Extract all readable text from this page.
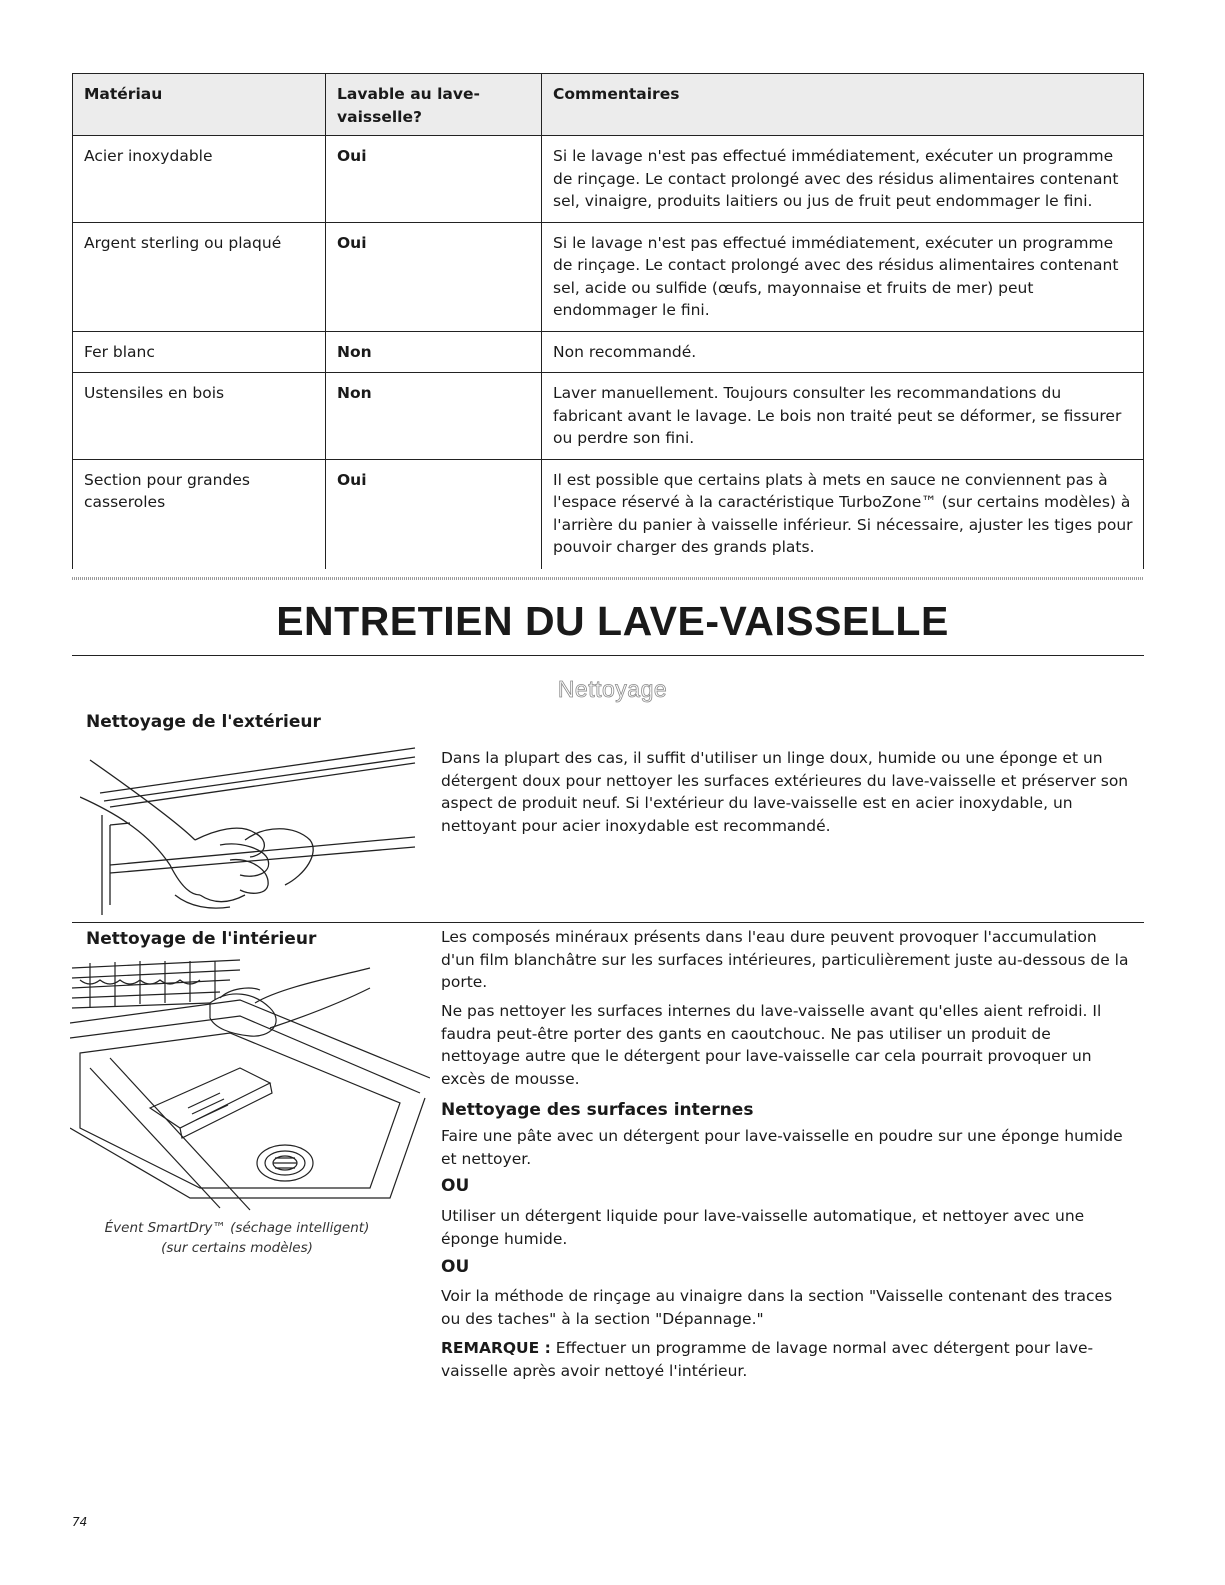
Matériau	Lavable au lave-vaisselle?	Commentaires
Acier inoxydable	Oui	Si le lavage n'est pas effectué immédiatement, exécuter un programme de rinçage. Le contact prolongé avec des résidus alimentaires contenant sel, vinaigre, produits laitiers ou jus de fruit peut endommager le fini.
Argent sterling ou plaqué	Oui	Si le lavage n'est pas effectué immédiatement, exécuter un programme de rinçage. Le contact prolongé avec des résidus alimentaires contenant sel, acide ou sulfide (œufs, mayonnaise et fruits de mer) peut endommager le fini.
Fer blanc	Non	Non recommandé.
Ustensiles en bois	Non	Laver manuellement. Toujours consulter les recommandations du fabricant avant le lavage. Le bois non traité peut se déformer, se fissurer ou perdre son fini.
Section pour grandes casseroles	Oui	Il est possible que certains plats à mets en sauce ne conviennent pas à l'espace réservé à la caractéristique TurboZone™ (sur certains modèles) à l'arrière du panier à vaisselle inférieur. Si nécessaire, ajuster les tiges pour pouvoir charger des grands plats.
ENTRETIEN DU LAVE-VAISSELLE
Nettoyage
Nettoyage de l'extérieur

Dans la plupart des cas, il suffit d'utiliser un linge doux, humide ou une éponge et un détergent doux pour nettoyer les surfaces extérieures du lave-vaisselle et préserver son aspect de produit neuf. Si l'extérieur du lave-vaisselle est en acier inoxydable, un nettoyant pour acier inoxydable est recommandé.

Nettoyage de l'intérieur
Évent SmartDry™ (séchage intelligent)
(sur certains modèles)

Les composés minéraux présents dans l'eau dure peuvent provoquer l'accumulation d'un film blanchâtre sur les surfaces intérieures, particulièrement juste au-dessous de la porte.

Ne pas nettoyer les surfaces internes du lave-vaisselle avant qu'elles aient refroidi. Il faudra peut-être porter des gants en caoutchouc. Ne pas utiliser un produit de nettoyage autre que le détergent pour lave-vaisselle car cela pourrait provoquer un excès de mousse.

Nettoyage des surfaces internes

Faire une pâte avec un détergent pour lave-vaisselle en poudre sur une éponge humide et nettoyer.

OU

Utiliser un détergent liquide pour lave-vaisselle automatique, et nettoyer avec une éponge humide.

OU

Voir la méthode de rinçage au vinaigre dans la section "Vaisselle contenant des traces ou des taches" à la section "Dépannage."

REMARQUE : Effectuer un programme de lavage normal avec détergent pour lave-vaisselle après avoir nettoyé l'intérieur.

74
